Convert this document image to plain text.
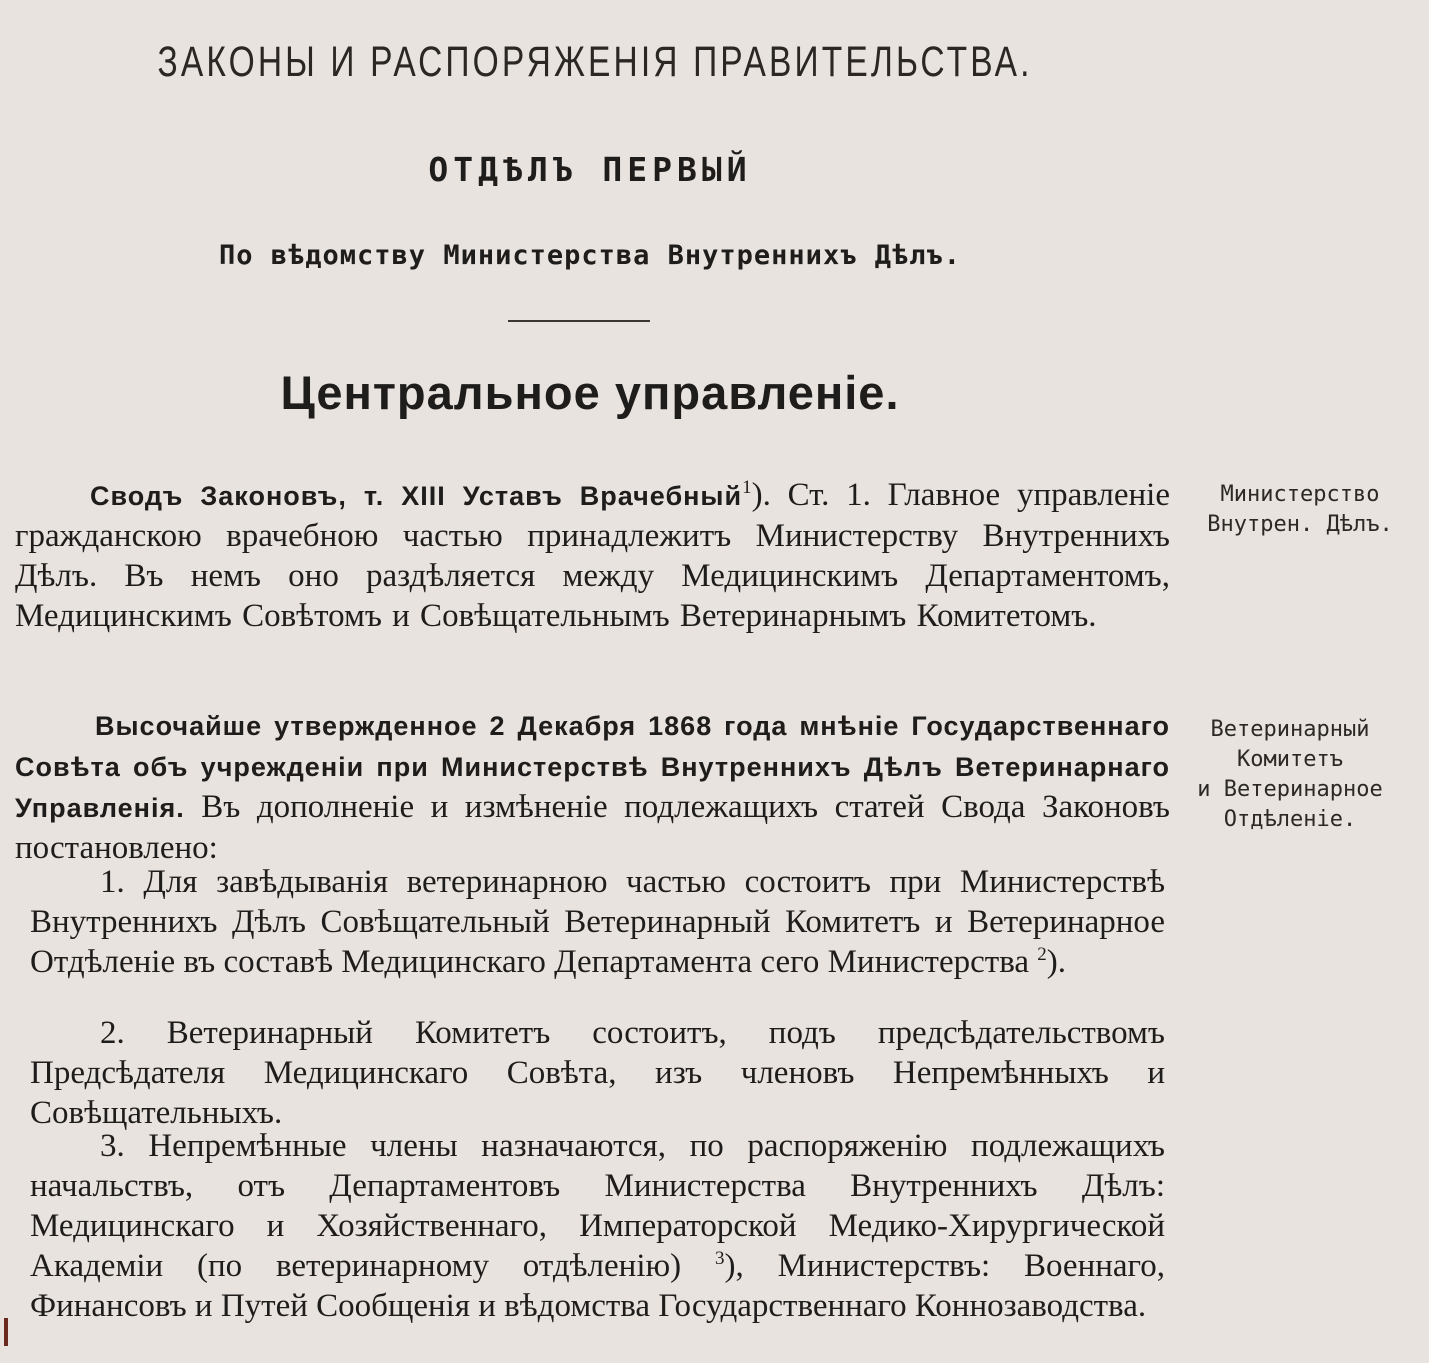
ЗАКОНЫ И РАСПОРЯЖЕНІЯ ПРАВИТЕЛЬСТВА.
ОТДѢЛЪ ПЕРВЫЙ
По вѣдомству Министерства Внутреннихъ Дѣлъ.
Центральное управленіе.
Сводъ Законовъ, т. XIII Уставъ Врачебный$^1$). Ст. 1. Главное управленіе гражданскою врачебною частью принадлежитъ Министерству Внутреннихъ Дѣлъ. Въ немъ оно раздѣляется между Медицинскимъ Департаментомъ, Медицинскимъ Совѣтомъ и Совѣщательнымъ Ветеринарнымъ Комитетомъ.
Министерство
Внутрен. Дѣлъ.
Высочайше утвержденное 2 Декабря 1868 года мнѣніе Государственнаго Совѣта объ учрежденіи при Министерствѣ Внутреннихъ Дѣлъ Ветеринарнаго Управленія. Въ дополненіе и измѣненіе подлежащихъ статей Свода Законовъ постановлено:
Ветеринарный
Комитетъ
и Ветеринарное
Отдѣленіе.
1. Для завѣдыванія ветеринарною частью состоитъ при Министерствѣ Внутреннихъ Дѣлъ Совѣщательный Ветеринарный Комитетъ и Ветеринарное Отдѣленіе въ составѣ Медицинскаго Департамента сего Министерства $^2$).
2. Ветеринарный Комитетъ состоитъ, подъ предсѣдательствомъ Предсѣдателя Медицинскаго Совѣта, изъ членовъ Непремѣнныхъ и Совѣщательныхъ.
3. Непремѣнные члены назначаются, по распоряженію подлежащихъ начальствъ, отъ Департаментовъ Министерства Внутреннихъ Дѣлъ: Медицинскаго и Хозяйственнаго, Императорской Медико-Хирургической Академіи (по ветеринарному отдѣленію) $^3$), Министерствъ: Военнаго, Финансовъ и Путей Сообщенія и вѣдомства Государственнаго Коннозаводства.
